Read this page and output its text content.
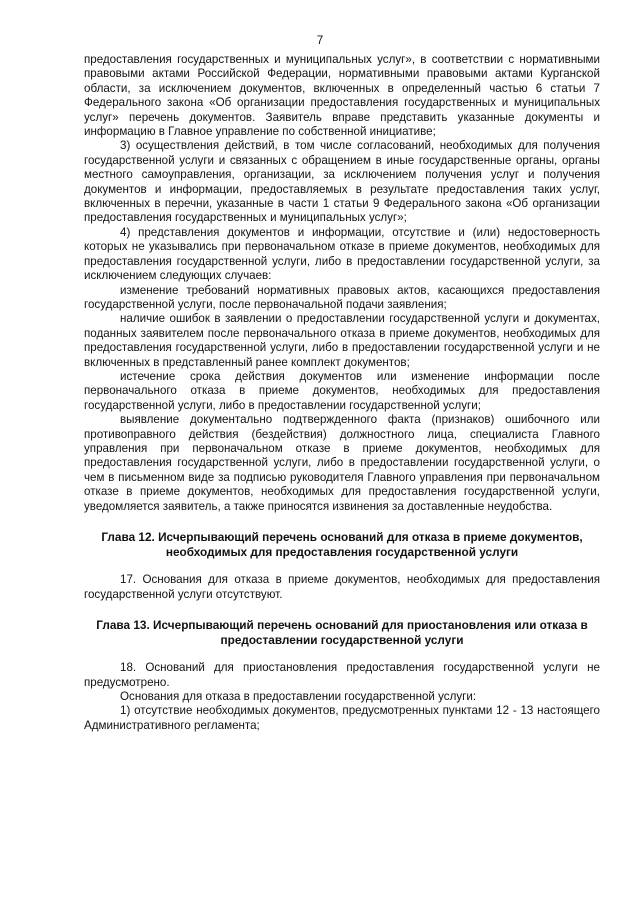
7

предоставления государственных и муниципальных услуг», в соответствии с нормативными правовыми актами Российской Федерации, нормативными правовыми актами Курганской области, за исключением документов, включенных в определенный частью 6 статьи 7 Федерального закона «Об организации предоставления государственных и муниципальных услуг» перечень документов. Заявитель вправе представить указанные документы и информацию в Главное управление по собственной инициативе;

3) осуществления действий, в том числе согласований, необходимых для получения государственной услуги и связанных с обращением в иные государственные органы, органы местного самоуправления, организации, за исключением получения услуг и получения документов и информации, предоставляемых в результате предоставления таких услуг, включенных в перечни, указанные в части 1 статьи 9 Федерального закона «Об организации предоставления государственных и муниципальных услуг»;

4) представления документов и информации, отсутствие и (или) недостоверность которых не указывались при первоначальном отказе в приеме документов, необходимых для предоставления государственной услуги, либо в предоставлении государственной услуги, за исключением следующих случаев:

изменение требований нормативных правовых актов, касающихся предоставления государственной услуги, после первоначальной подачи заявления;

наличие ошибок в заявлении о предоставлении государственной услуги и документах, поданных заявителем после первоначального отказа в приеме документов, необходимых для предоставления государственной услуги, либо в предоставлении государственной услуги и не включенных в представленный ранее комплект документов;

истечение срока действия документов или изменение информации после первоначального отказа в приеме документов, необходимых для предоставления государственной услуги, либо в предоставлении государственной услуги;

выявление документально подтвержденного факта (признаков) ошибочного или противоправного действия (бездействия) должностного лица, специалиста Главного управления при первоначальном отказе в приеме документов, необходимых для предоставления государственной услуги, либо в предоставлении государственной услуги, о чем в письменном виде за подписью руководителя Главного управления при первоначальном отказе в приеме документов, необходимых для предоставления государственной услуги, уведомляется заявитель, а также приносятся извинения за доставленные неудобства.

Глава 12. Исчерпывающий перечень оснований для отказа в приеме документов, необходимых для предоставления государственной услуги

17. Основания для отказа в приеме документов, необходимых для предоставления государственной услуги отсутствуют.

Глава 13. Исчерпывающий перечень оснований для приостановления или отказа в предоставлении государственной услуги

18. Оснований для приостановления предоставления государственной услуги не предусмотрено.

Основания для отказа в предоставлении государственной услуги:

1) отсутствие необходимых документов, предусмотренных пунктами 12 - 13 настоящего Административного регламента;
